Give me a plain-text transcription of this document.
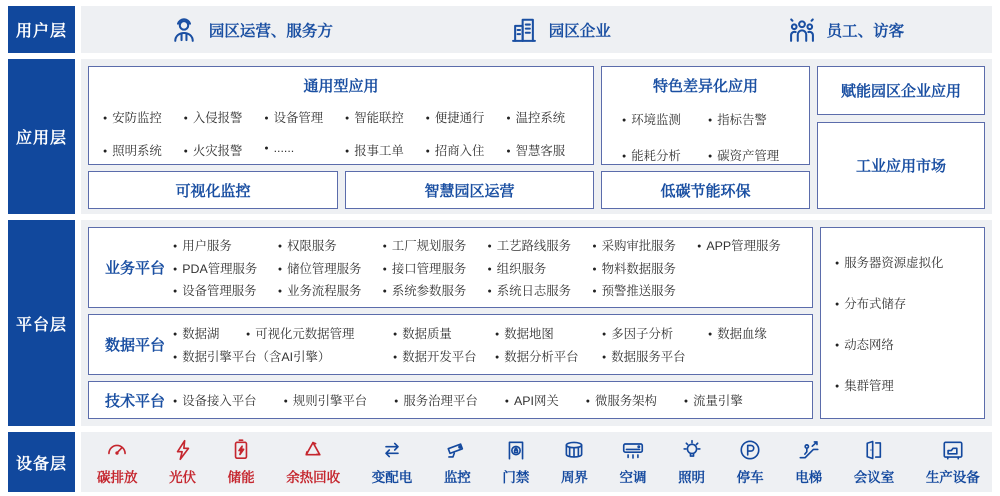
用户层	园区运营、服务方	园区企业	员工、访客
应用层
通用型应用
● 安防监控	● 入侵报警	● 设备管理	● 智能联控	● 便捷通行	● 温控系统
● 照明系统	● 火灾报警	● ......	● 报事工单	● 招商入住	● 智慧客服
特色差异化应用
● 环境监测	● 指标告警
● 能耗分析	● 碳资产管理
赋能园区企业应用
工业应用市场
可视化监控	智慧园区运营	低碳节能环保
平台层
业务平台
● 用户服务	● 权限服务	● 工厂规划服务	● 工艺路线服务	● 采购审批服务	● APP管理服务
● PDA管理服务	● 储位管理服务	● 接口管理服务	● 组织服务	● 物料数据服务
● 设备管理服务	● 业务流程服务	● 系统参数服务	● 系统日志服务	● 预警推送服务
数据平台
● 数据湖	● 可视化元数据管理	● 数据质量	● 数据地图	● 多因子分析	● 数据血缘
● 数据引擎平台（含AI引擎）	● 数据开发平台	● 数据分析平台	● 数据服务平台
技术平台	● 设备接入平台	● 规则引擎平台	● 服务治理平台	● API网关	● 微服务架构	● 流量引擎
● 服务器资源虚拟化
● 分布式储存
● 动态网络
● 集群管理
设备层
碳排放 光伏 储能 余热回收 变配电 监控 门禁 周界 空调 照明 停车 电梯 会议室 生产设备
